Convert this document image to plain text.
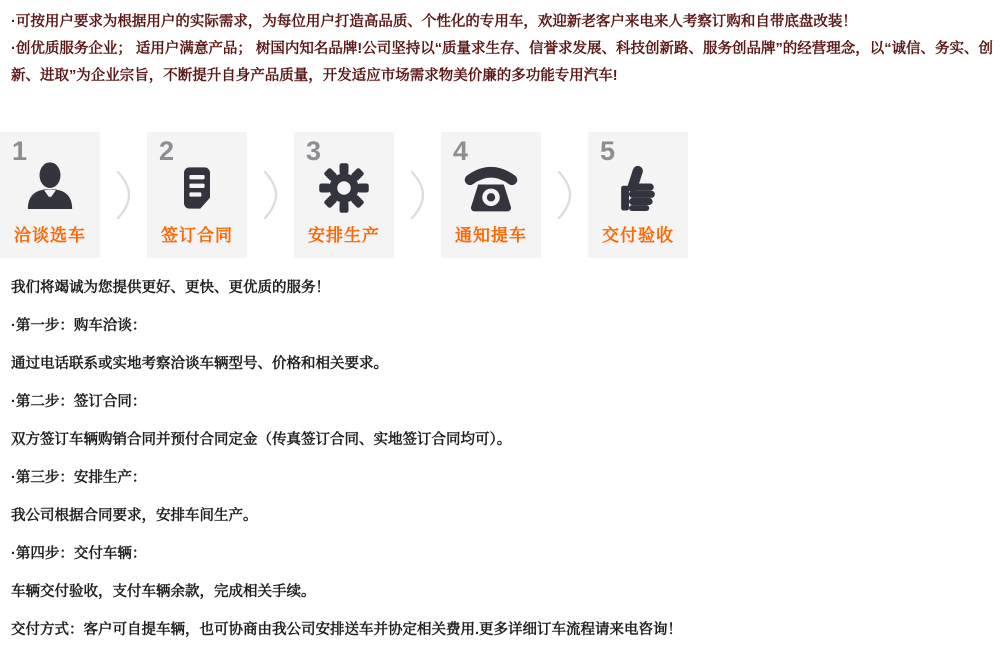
·可按用户要求为根据用户的实际需求，为每位用户打造高品质、个性化的专用车，欢迎新老客户来电来人考察订购和自带底盘改装！

·创优质服务企业； 适用户满意产品； 树国内知名品牌!公司坚持以“质量求生存、信誉求发展、科技创新路、服务创品牌”的经营理念，以“诚信、务实、创新、进取”为企业宗旨，不断提升自身产品质量，开发适应市场需求物美价廉的多功能专用汽车!

1
洽谈选车
2
签订合同
3
安排生产
4
通知提车
5
交付验收

我们将竭诚为您提供更好、更快、更优质的服务！

·第一步：购车洽谈：

通过电话联系或实地考察洽谈车辆型号、价格和相关要求。

·第二步：签订合同：

双方签订车辆购销合同并预付合同定金（传真签订合同、实地签订合同均可）。

·第三步：安排生产：

我公司根据合同要求，安排车间生产。

·第四步：交付车辆：

车辆交付验收，支付车辆余款，完成相关手续。

交付方式：客户可自提车辆，也可协商由我公司安排送车并协定相关费用.更多详细订车流程请来电咨询！
